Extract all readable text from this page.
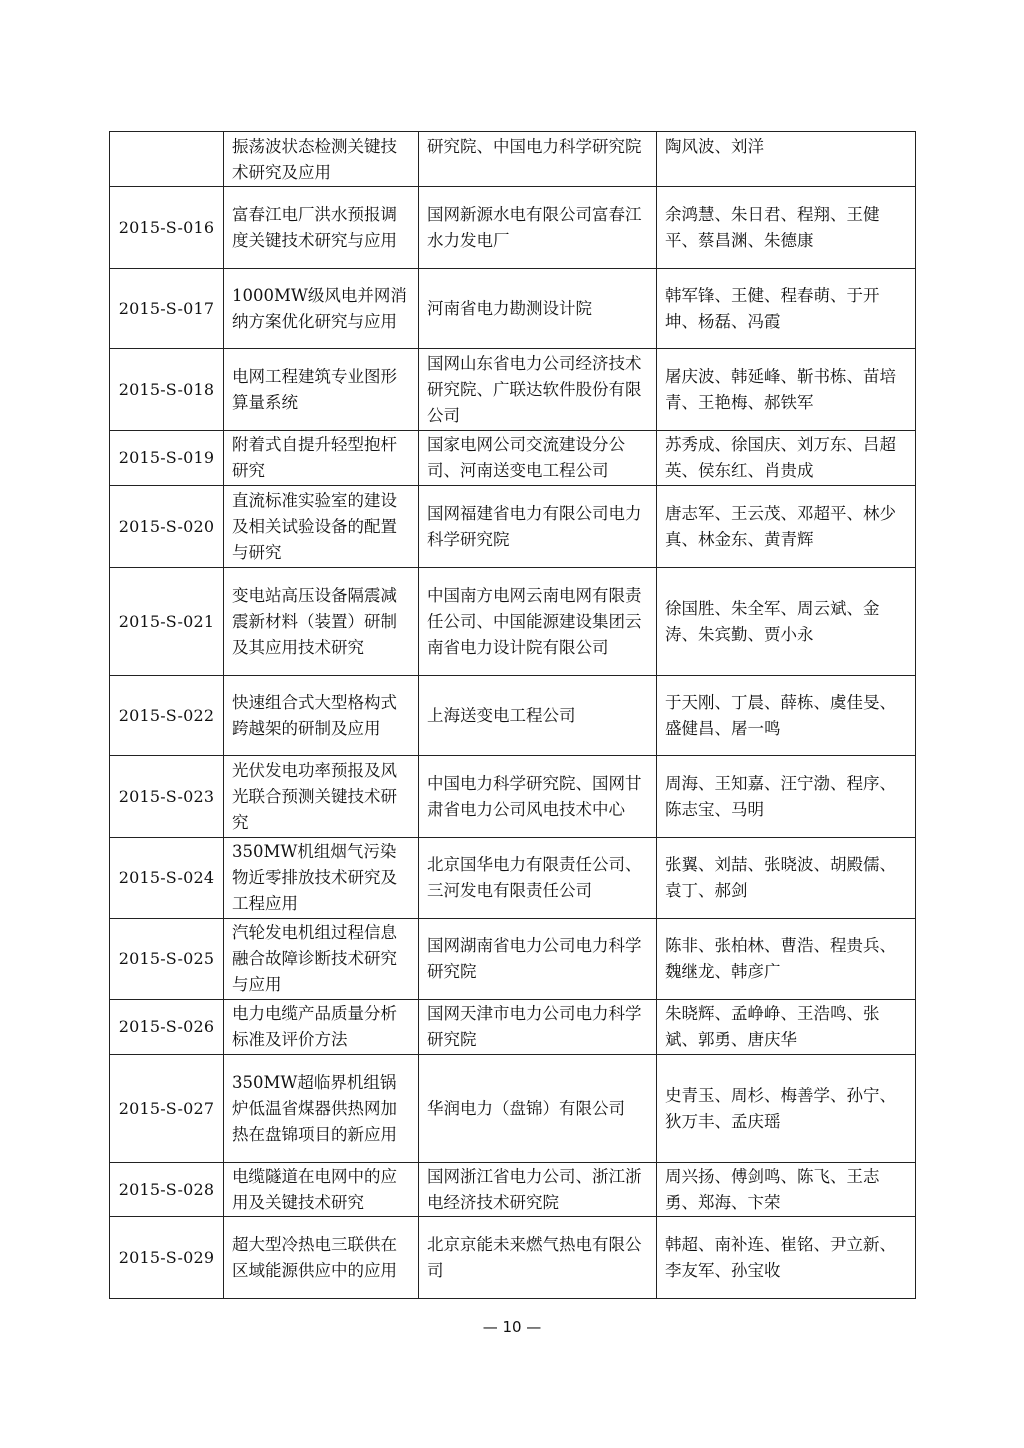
	振荡波状态检测关键技术研究及应用	研究院、中国电力科学研究院	陶风波、刘洋
2015-S-016	富春江电厂洪水预报调度关键技术研究与应用	国网新源水电有限公司富春江水力发电厂	余鸿慧、朱日君、程翔、王健平、蔡昌渊、朱德康
2015-S-017	1000MW级风电并网消纳方案优化研究与应用	河南省电力勘测设计院	韩军锋、王健、程春萌、于开坤、杨磊、冯霞
2015-S-018	电网工程建筑专业图形算量系统	国网山东省电力公司经济技术研究院、广联达软件股份有限公司	屠庆波、韩延峰、靳书栋、苗培青、王艳梅、郝铁军
2015-S-019	附着式自提升轻型抱杆研究	国家电网公司交流建设分公司、河南送变电工程公司	苏秀成、徐国庆、刘万东、吕超英、侯东红、肖贵成
2015-S-020	直流标准实验室的建设及相关试验设备的配置与研究	国网福建省电力有限公司电力科学研究院	唐志军、王云茂、邓超平、林少真、林金东、黄青辉
2015-S-021	变电站高压设备隔震减震新材料（装置）研制及其应用技术研究	中国南方电网云南电网有限责任公司、中国能源建设集团云南省电力设计院有限公司	徐国胜、朱全军、周云斌、金涛、朱宾勤、贾小永
2015-S-022	快速组合式大型格构式跨越架的研制及应用	上海送变电工程公司	于天刚、丁晨、薛栋、虞佳旻、盛健昌、屠一鸣
2015-S-023	光伏发电功率预报及风光联合预测关键技术研究	中国电力科学研究院、国网甘肃省电力公司风电技术中心	周海、王知嘉、汪宁渤、程序、陈志宝、马明
2015-S-024	350MW机组烟气污染物近零排放技术研究及工程应用	北京国华电力有限责任公司、三河发电有限责任公司	张翼、刘喆、张晓波、胡殿儒、袁丁、郝剑
2015-S-025	汽轮发电机组过程信息融合故障诊断技术研究与应用	国网湖南省电力公司电力科学研究院	陈非、张柏林、曹浩、程贵兵、魏继龙、韩彦广
2015-S-026	电力电缆产品质量分析标准及评价方法	国网天津市电力公司电力科学研究院	朱晓辉、孟峥峥、王浩鸣、张斌、郭勇、唐庆华
2015-S-027	350MW超临界机组锅炉低温省煤器供热网加热在盘锦项目的新应用	华润电力（盘锦）有限公司	史青玉、周杉、梅善学、孙宁、狄万丰、孟庆瑶
2015-S-028	电缆隧道在电网中的应用及关键技术研究	国网浙江省电力公司、浙江浙电经济技术研究院	周兴扬、傅剑鸣、陈飞、王志勇、郑海、卞荣
2015-S-029	超大型冷热电三联供在区域能源供应中的应用	北京京能未来燃气热电有限公司	韩超、南补连、崔铭、尹立新、李友军、孙宝收
— 10 —
